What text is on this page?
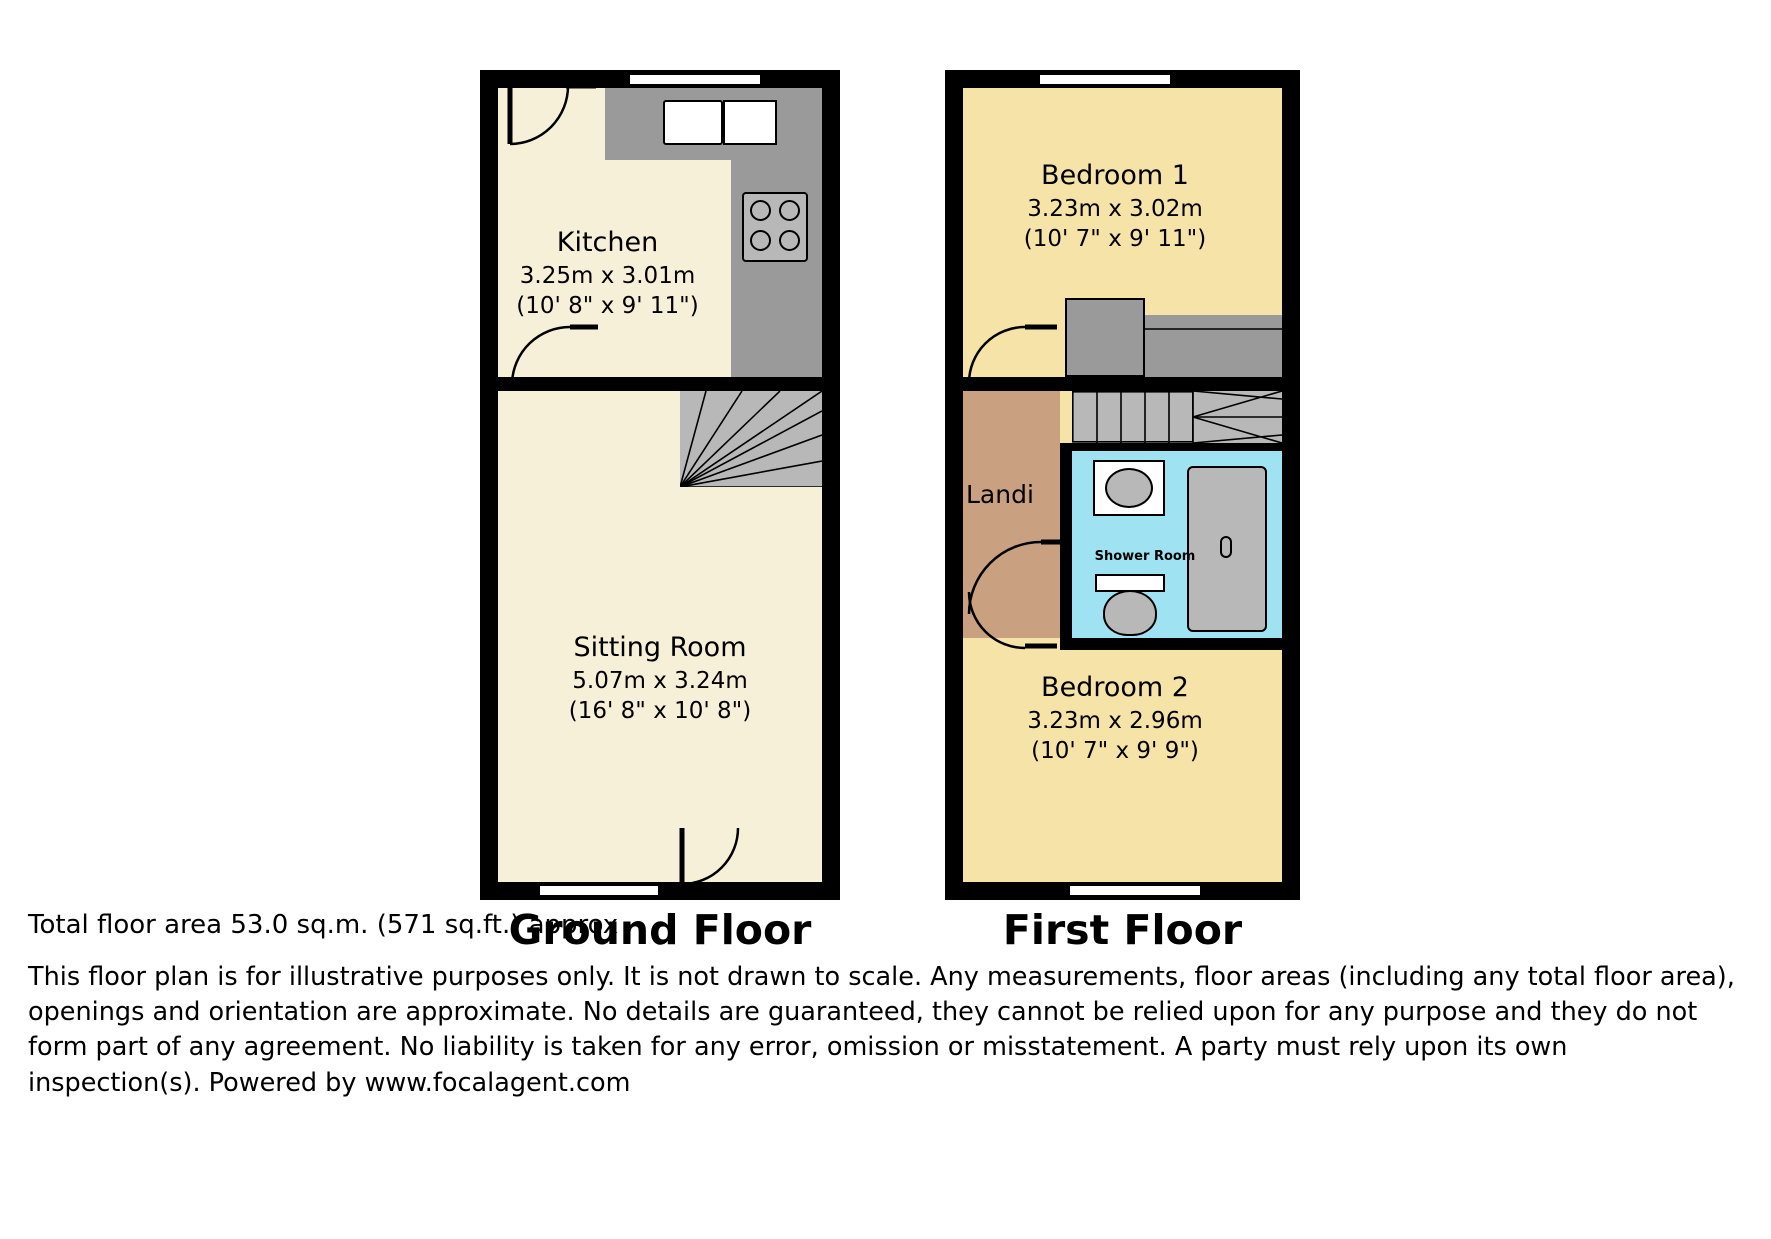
Kitchen
3.25m x 3.01m
(10' 8" x 9' 11")
Sitting Room
5.07m x 3.24m
(16' 8" x 10' 8")
Ground Floor
Bedroom 1
3.23m x 3.02m
(10' 7" x 9' 11")
Bedroom 2
3.23m x 2.96m
(10' 7" x 9' 9")
Landi
Shower Room
First Floor
Total floor area 53.0 sq.m. (571 sq.ft.) approx
This floor plan is for illustrative purposes only. It is not drawn to scale. Any measurements, floor areas (including any total floor area), openings and orientation are approximate. No details are guaranteed, they cannot be relied upon for any purpose and they do not form part of any agreement. No liability is taken for any error, omission or misstatement. A party must rely upon its own inspection(s). Powered by www.focalagent.com
